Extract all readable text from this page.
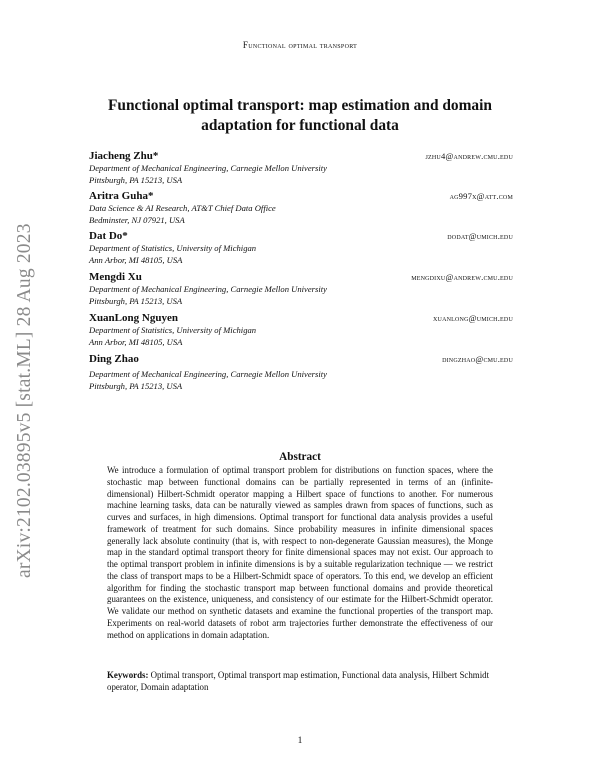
Functional optimal transport
arXiv:2102.03895v5 [stat.ML] 28 Aug 2023
Functional optimal transport: map estimation and domain adaptation for functional data
Jiacheng Zhu*	jzhu4@andrew.cmu.edu
Department of Mechanical Engineering, Carnegie Mellon University
Pittsburgh, PA 15213, USA
Aritra Guha*	ag997x@att.com
Data Science & AI Research, AT&T Chief Data Office
Bedminster, NJ 07921, USA
Dat Do*	dodat@umich.edu
Department of Statistics, University of Michigan
Ann Arbor, MI 48105, USA
Mengdi Xu	mengdixu@andrew.cmu.edu
Department of Mechanical Engineering, Carnegie Mellon University
Pittsburgh, PA 15213, USA
XuanLong Nguyen	xuanlong@umich.edu
Department of Statistics, University of Michigan
Ann Arbor, MI 48105, USA
Ding Zhao	dingzhao@cmu.edu
Department of Mechanical Engineering, Carnegie Mellon University
Pittsburgh, PA 15213, USA
Abstract
We introduce a formulation of optimal transport problem for distributions on function spaces, where the stochastic map between functional domains can be partially represented in terms of an (infinite-dimensional) Hilbert-Schmidt operator mapping a Hilbert space of functions to another. For numerous machine learning tasks, data can be naturally viewed as samples drawn from spaces of functions, such as curves and surfaces, in high dimensions. Optimal transport for functional data analysis provides a useful framework of treatment for such domains. Since probability measures in infinite dimensional spaces generally lack absolute continuity (that is, with respect to non-degenerate Gaussian measures), the Monge map in the standard optimal transport theory for finite dimensional spaces may not exist. Our approach to the optimal transport problem in infinite dimensions is by a suitable regularization technique — we restrict the class of transport maps to be a Hilbert-Schmidt space of operators. To this end, we develop an efficient algorithm for finding the stochastic transport map between functional domains and provide theoretical guarantees on the existence, uniqueness, and consistency of our estimate for the Hilbert-Schmidt operator. We validate our method on synthetic datasets and examine the functional properties of the transport map. Experiments on real-world datasets of robot arm trajectories further demonstrate the effectiveness of our method on applications in domain adaptation.
Keywords: Optimal transport, Optimal transport map estimation, Functional data analysis, Hilbert Schmidt operator, Domain adaptation
1
